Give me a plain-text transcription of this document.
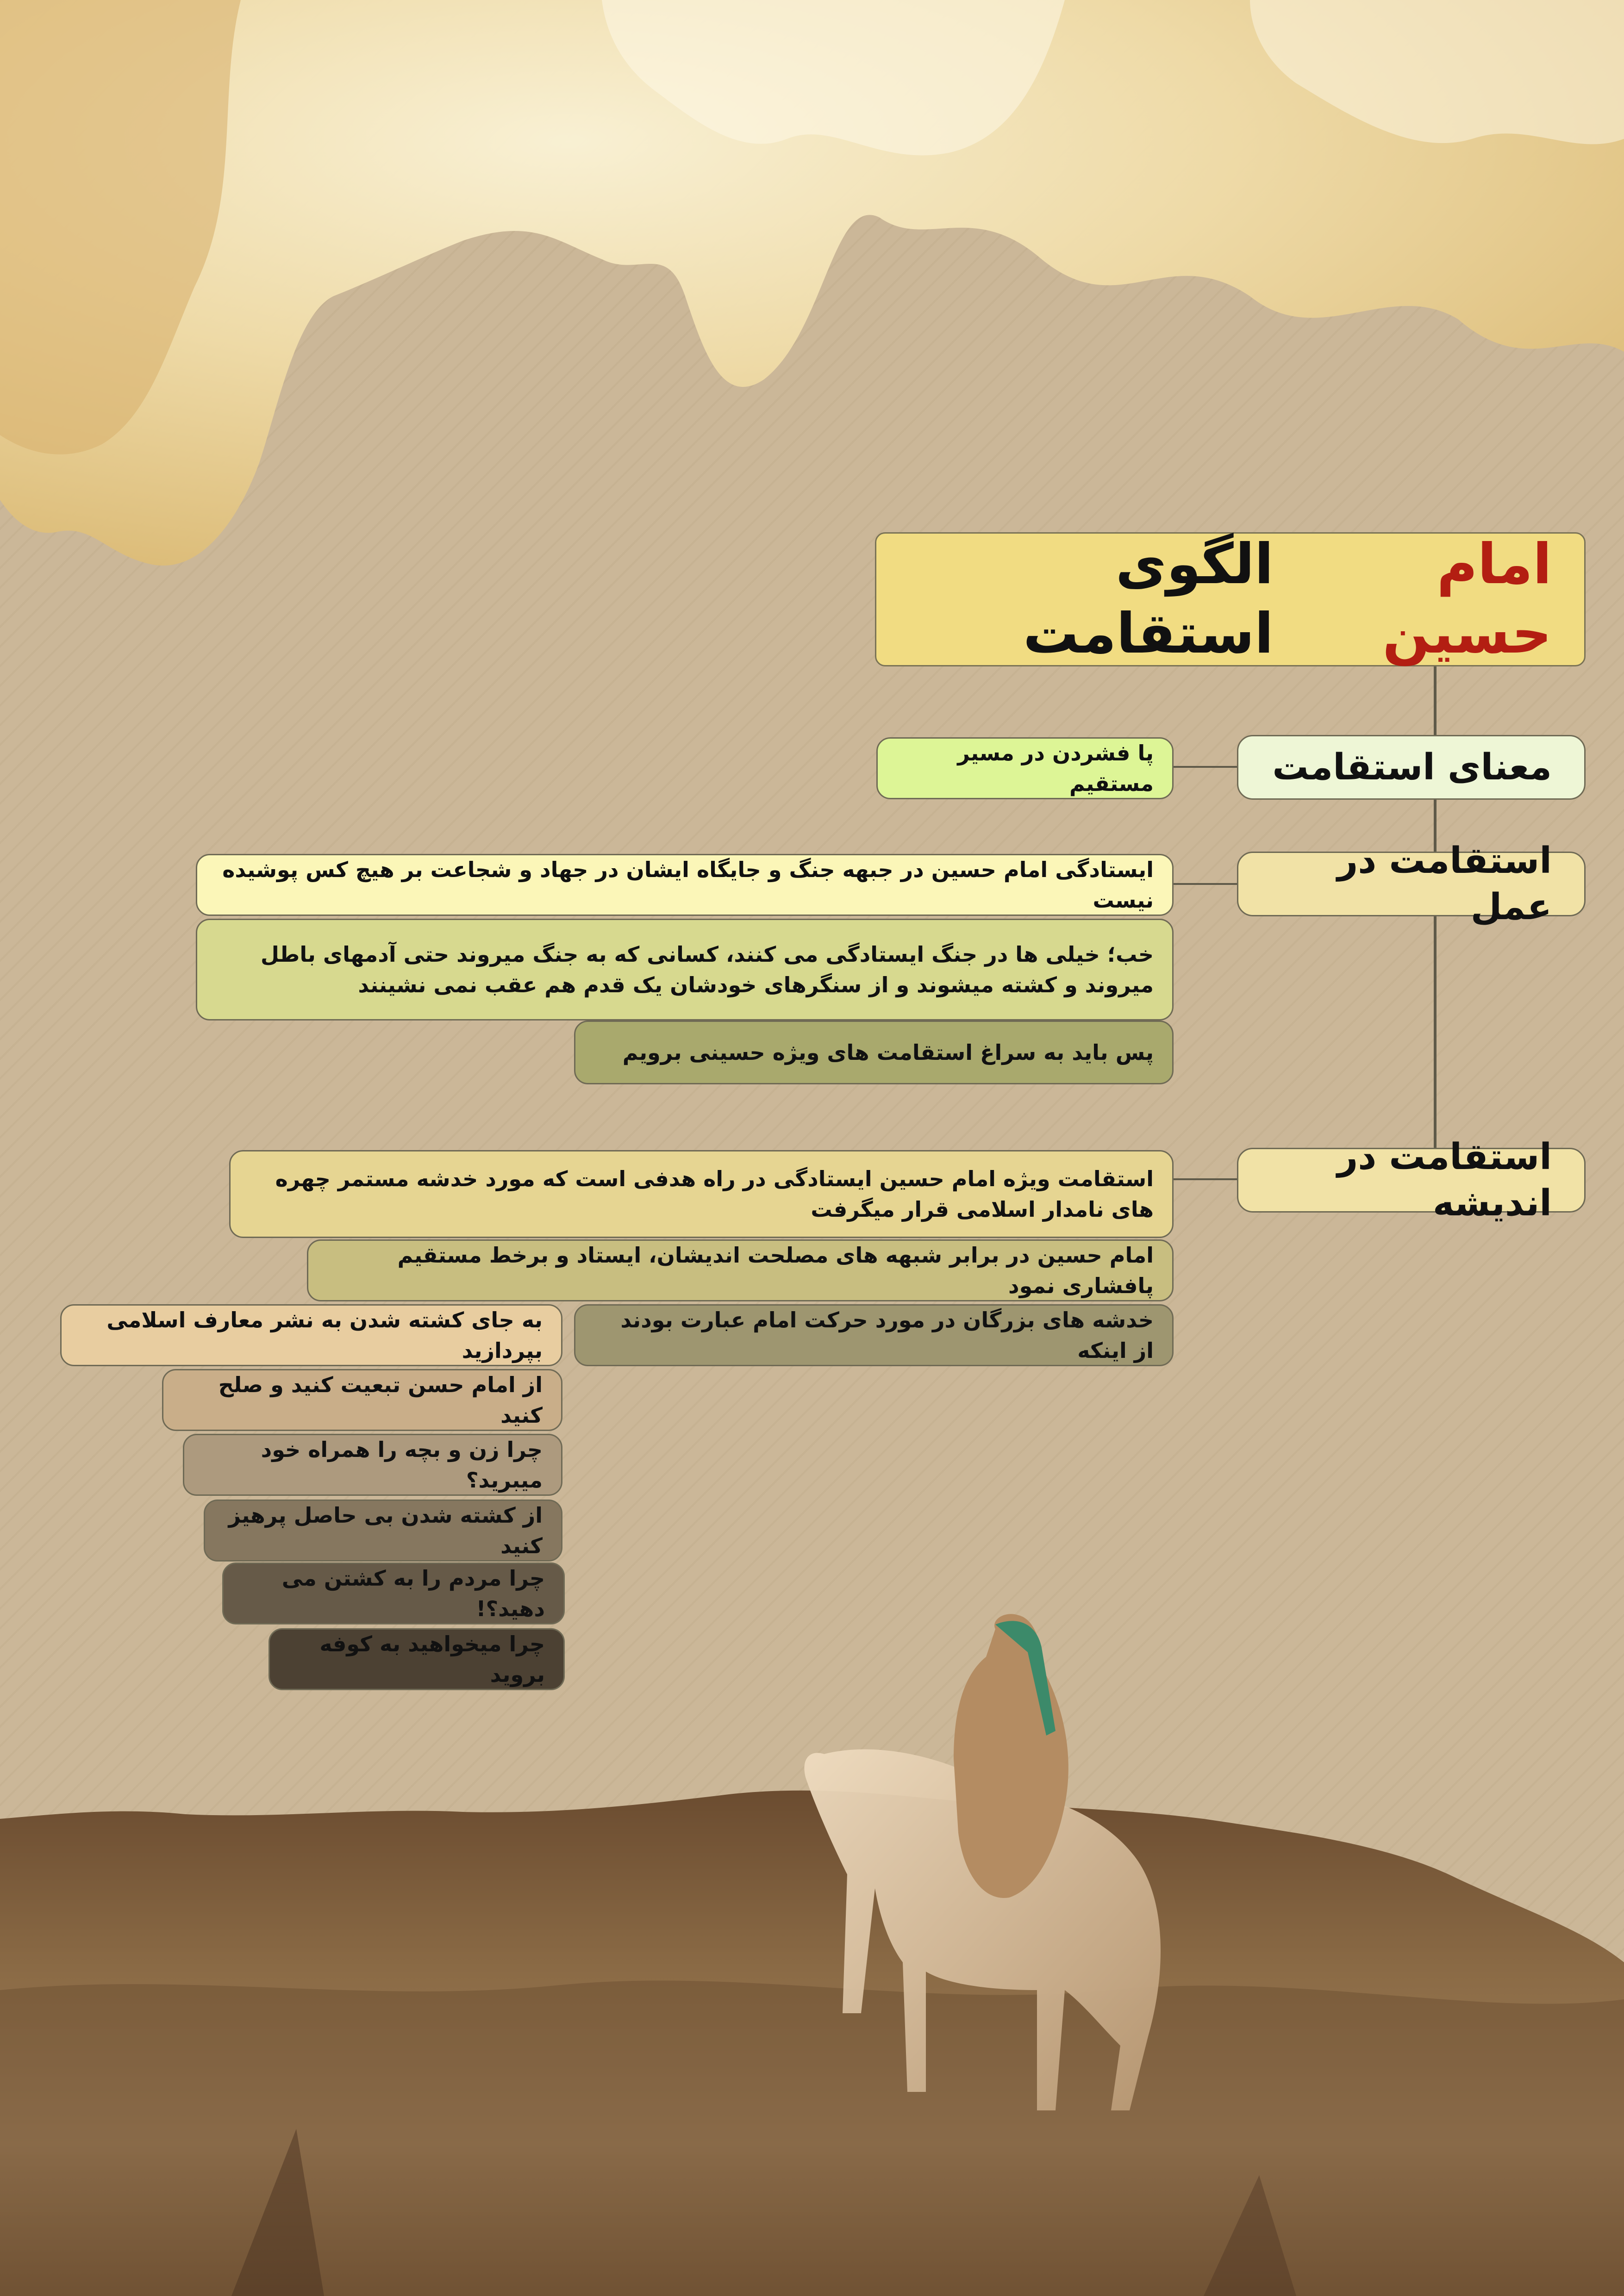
امام حسین

الگوی استقامت
معنای استقامت
پا فشردن در مسیر مستقیم
استقامت در عمل
ایستادگی امام حسین در جبهه جنگ و جایگاه ایشان در جهاد و شجاعت بر هیچ کس پوشیده نیست
خب؛ خیلی ها در جنگ ایستادگی می کنند، کسانی که به جنگ میروند حتی آدمهای باطل میروند و کشته میشوند و از سنگرهای خودشان یک قدم هم عقب نمی نشینند
پس باید به سراغ استقامت های ویژه حسینی برویم
استقامت در اندیشه
استقامت ویژه امام حسین ایستادگی در راه هدفی است که مورد خدشه مستمر چهره های نامدار اسلامی قرار میگرفت
امام حسین در برابر شبهه های مصلحت اندیشان، ایستاد و برخط مستقیم پافشاری نمود
خدشه های بزرگان در مورد حرکت امام عبارت بودند از اینکه
به جای کشته شدن به نشر معارف اسلامی بپردازید
از امام حسن تبعیت کنید و صلح کنید
چرا زن و بچه را همراه خود میبرید؟
از کشته شدن بی حاصل پرهیز کنید
چرا مردم را به کشتن می دهید؟!
چرا میخواهید به کوفه بروید
